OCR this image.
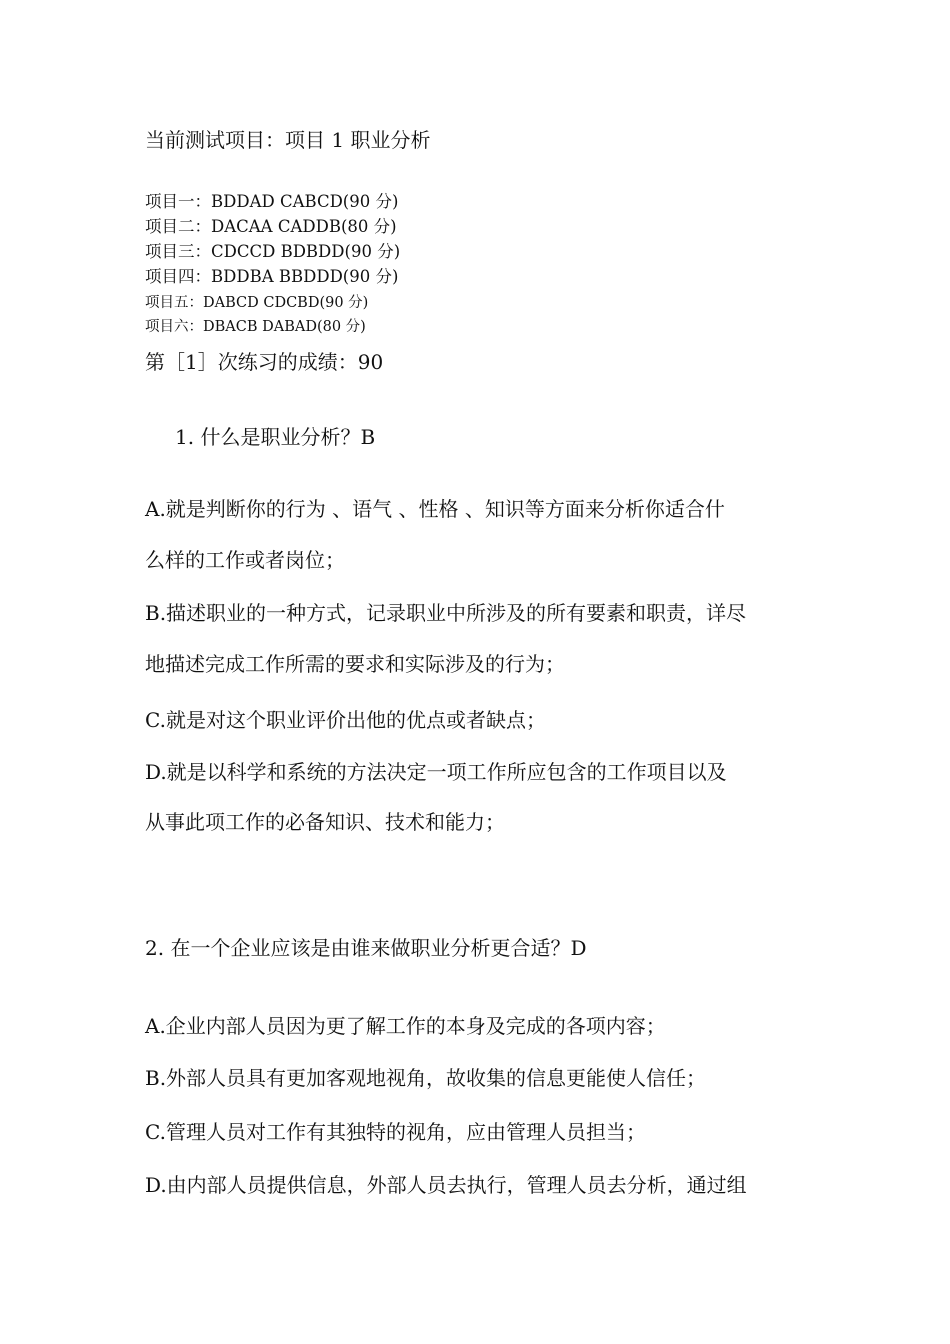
当前测试项目：项目 1 职业分析
项目一：BDDAD CABCD(90 分)
项目二：DACAA CADDB(80 分)
项目三：CDCCD BDBDD(90 分)
项目四：BDDBA BBDDD(90 分)
项目五：DABCD CDCBD(90 分)
项目六：DBACB DABAD(80 分)
第［1］次练习的成绩：90
1. 什么是职业分析？B
A.就是判断你的行为 、语气 、性格 、知识等方面来分析你适合什
么样的工作或者岗位；
B.描述职业的一种方式，记录职业中所涉及的所有要素和职责，详尽
地描述完成工作所需的要求和实际涉及的行为；
C.就是对这个职业评价出他的优点或者缺点；
D.就是以科学和系统的方法决定一项工作所应包含的工作项目以及
从事此项工作的必备知识、技术和能力；
2. 在一个企业应该是由谁来做职业分析更合适？D
A.企业内部人员因为更了解工作的本身及完成的各项内容；
B.外部人员具有更加客观地视角，故收集的信息更能使人信任；
C.管理人员对工作有其独特的视角，应由管理人员担当；
D.由内部人员提供信息，外部人员去执行，管理人员去分析，通过组
